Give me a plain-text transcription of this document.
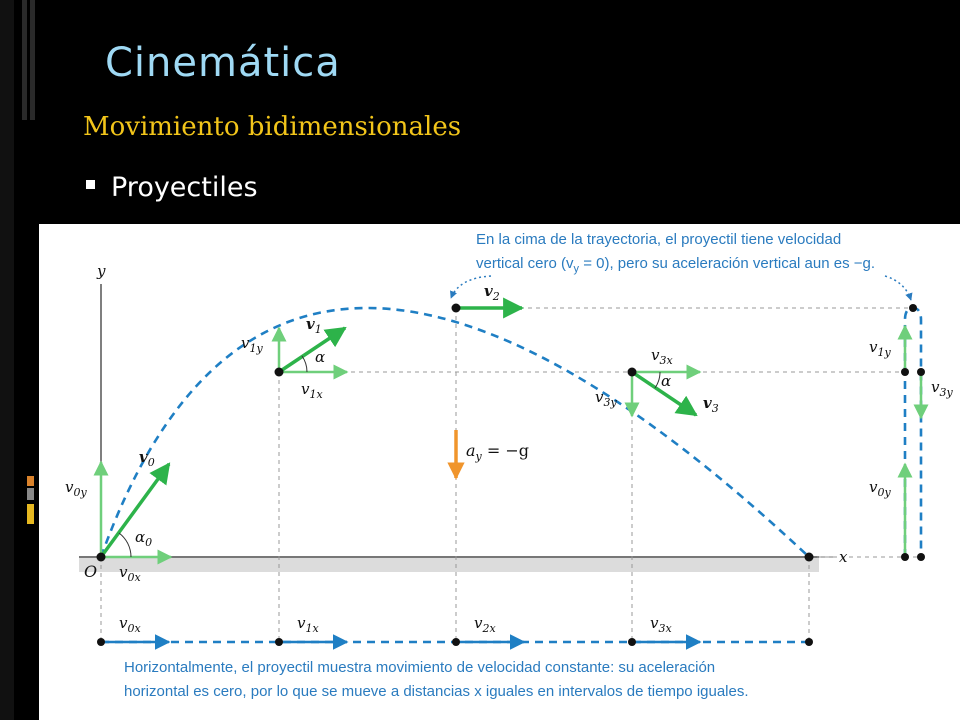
Cinemática
Movimiento bidimensionales
Proyectiles
En la cima de la trayectoria, el proyectil tiene velocidad
vertical cero $(v_y = 0)$, pero su aceleración vertical aun es −g.
Horizontalmente, el proyectil muestra movimiento de velocidad constante: su aceleración
horizontal es cero, por lo que se mueve a distancias x iguales en intervalos de tiempo iguales.
y
x
O
$\alpha_0$
α
α
$v_0$
$v_1$
$v_2$
$v_3$
$v_{0y}$
$v_{0x}$
$v_{1y}$
$v_{1x}$
$v_{3x}$
$v_{3y}$
$a_y = -g$
$v_{1y}$
$v_{3y}$
$v_{0y}$
$v_{0x}$	$v_{1x}$	$v_{2x}$	$v_{3x}$
